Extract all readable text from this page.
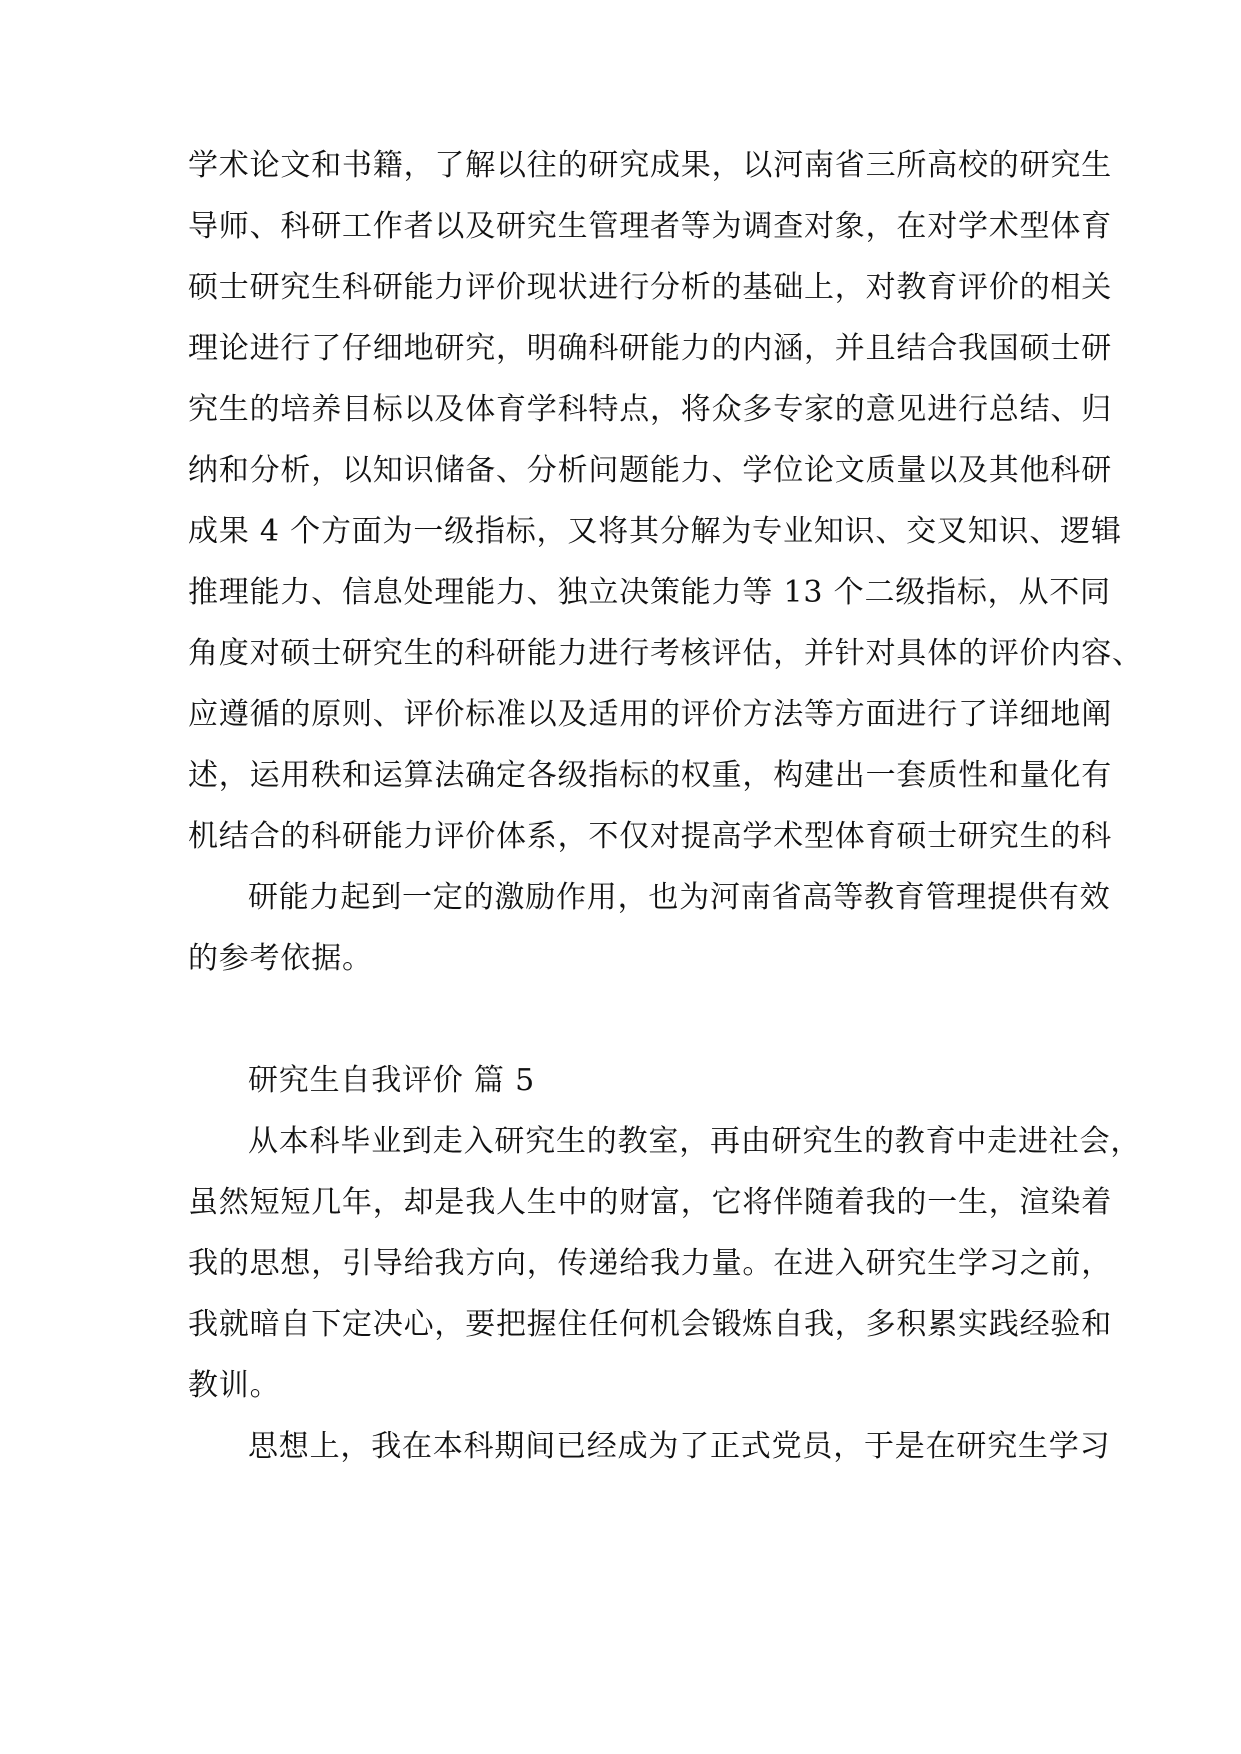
学术论文和书籍，了解以往的研究成果，以河南省三所高校的研究生
导师、科研工作者以及研究生管理者等为调查对象，在对学术型体育
硕士研究生科研能力评价现状进行分析的基础上，对教育评价的相关
理论进行了仔细地研究，明确科研能力的内涵，并且结合我国硕士研
究生的培养目标以及体育学科特点，将众多专家的意见进行总结、归
纳和分析，以知识储备、分析问题能力、学位论文质量以及其他科研
成果 4 个方面为一级指标，又将其分解为专业知识、交叉知识、逻辑
推理能力、信息处理能力、独立决策能力等 13 个二级指标，从不同
角度对硕士研究生的科研能力进行考核评估，并针对具体的评价内容、
应遵循的原则、评价标准以及适用的评价方法等方面进行了详细地阐
述，运用秩和运算法确定各级指标的权重，构建出一套质性和量化有
机结合的科研能力评价体系，不仅对提高学术型体育硕士研究生的科
研能力起到一定的激励作用，也为河南省高等教育管理提供有效
的参考依据。
研究生自我评价 篇 5
从本科毕业到走入研究生的教室，再由研究生的教育中走进社会，
虽然短短几年，却是我人生中的财富，它将伴随着我的一生，渲染着
我的思想，引导给我方向，传递给我力量。在进入研究生学习之前，
我就暗自下定决心，要把握住任何机会锻炼自我，多积累实践经验和
教训。
思想上，我在本科期间已经成为了正式党员，于是在研究生学习
